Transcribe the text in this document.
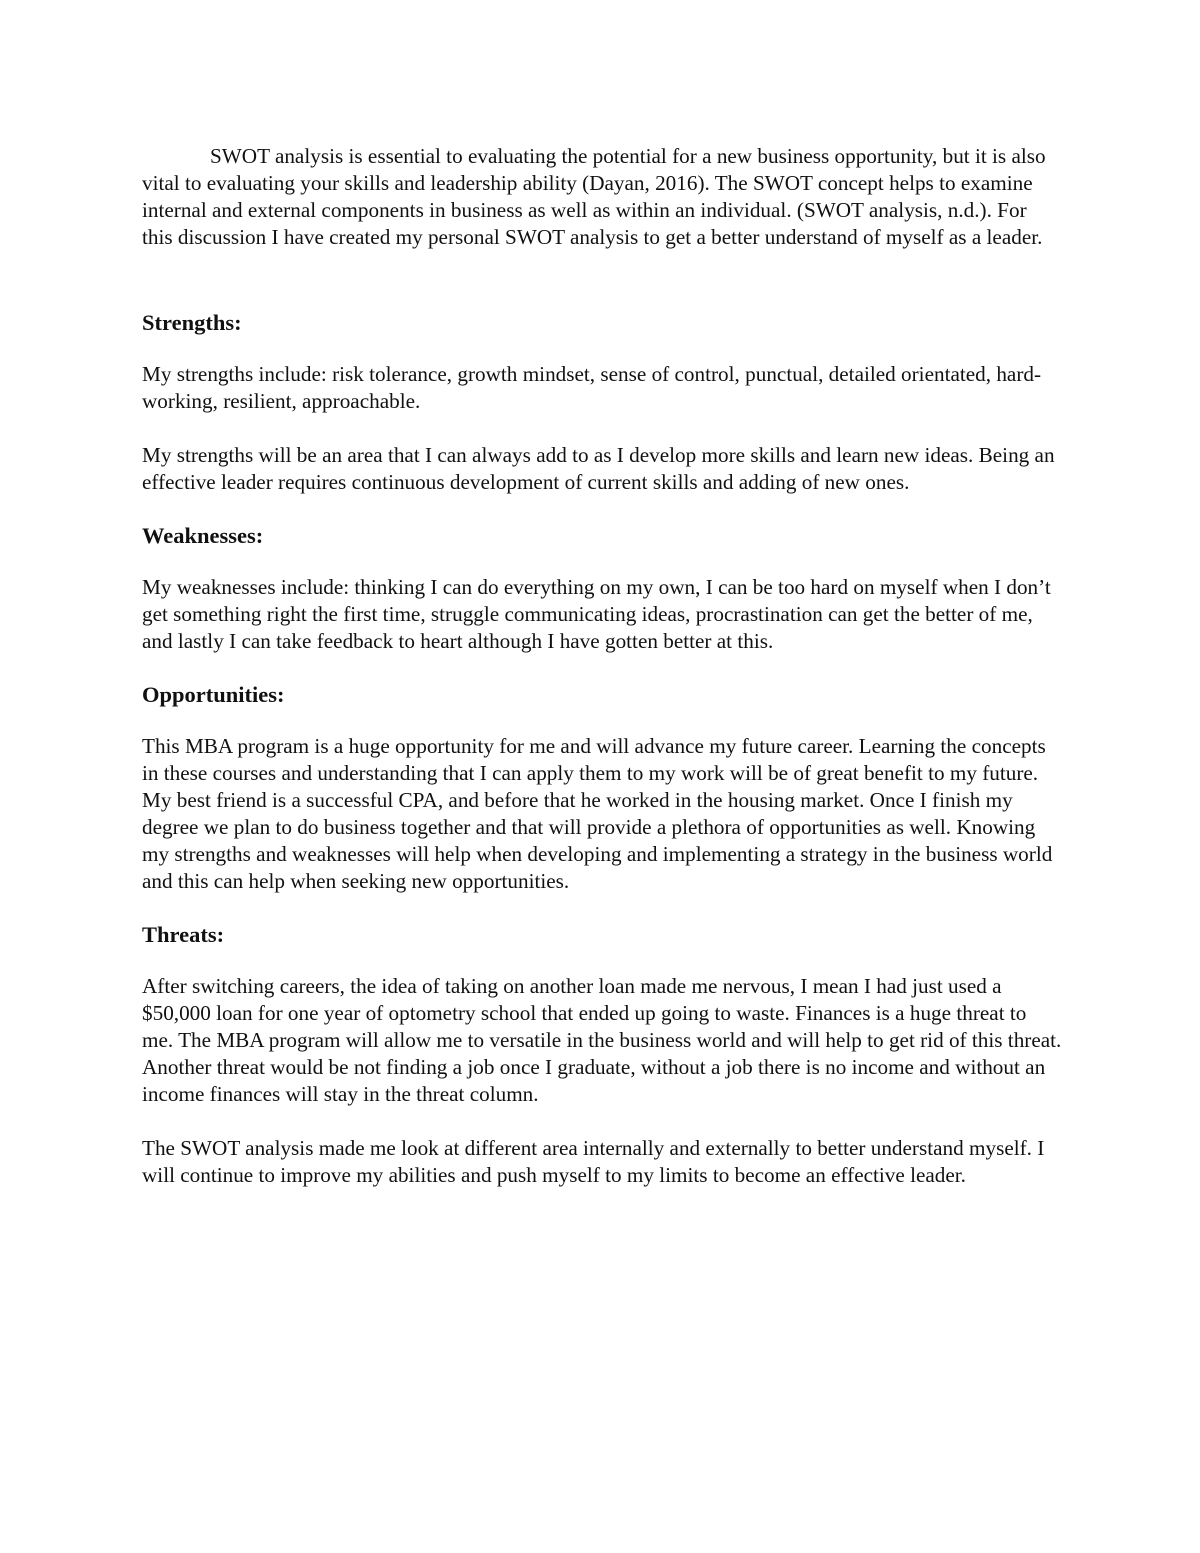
SWOT analysis is essential to evaluating the potential for a new business opportunity, but it is also vital to evaluating your skills and leadership ability (Dayan, 2016). The SWOT concept helps to examine internal and external components in business as well as within an individual. (SWOT analysis, n.d.). For this discussion I have created my personal SWOT analysis to get a better understand of myself as a leader.

Strengths:

My strengths include: risk tolerance, growth mindset, sense of control, punctual, detailed orientated, hard-working, resilient, approachable.

My strengths will be an area that I can always add to as I develop more skills and learn new ideas. Being an effective leader requires continuous development of current skills and adding of new ones.

Weaknesses:

My weaknesses include: thinking I can do everything on my own, I can be too hard on myself when I don’t get something right the first time, struggle communicating ideas, procrastination can get the better of me, and lastly I can take feedback to heart although I have gotten better at this.

Opportunities:

This MBA program is a huge opportunity for me and will advance my future career. Learning the concepts in these courses and understanding that I can apply them to my work will be of great benefit to my future. My best friend is a successful CPA, and before that he worked in the housing market. Once I finish my degree we plan to do business together and that will provide a plethora of opportunities as well. Knowing my strengths and weaknesses will help when developing and implementing a strategy in the business world and this can help when seeking new opportunities.

Threats:

After switching careers, the idea of taking on another loan made me nervous, I mean I had just used a $50,000 loan for one year of optometry school that ended up going to waste. Finances is a huge threat to me. The MBA program will allow me to versatile in the business world and will help to get rid of this threat. Another threat would be not finding a job once I graduate, without a job there is no income and without an income finances will stay in the threat column.

The SWOT analysis made me look at different area internally and externally to better understand myself. I will continue to improve my abilities and push myself to my limits to become an effective leader.
